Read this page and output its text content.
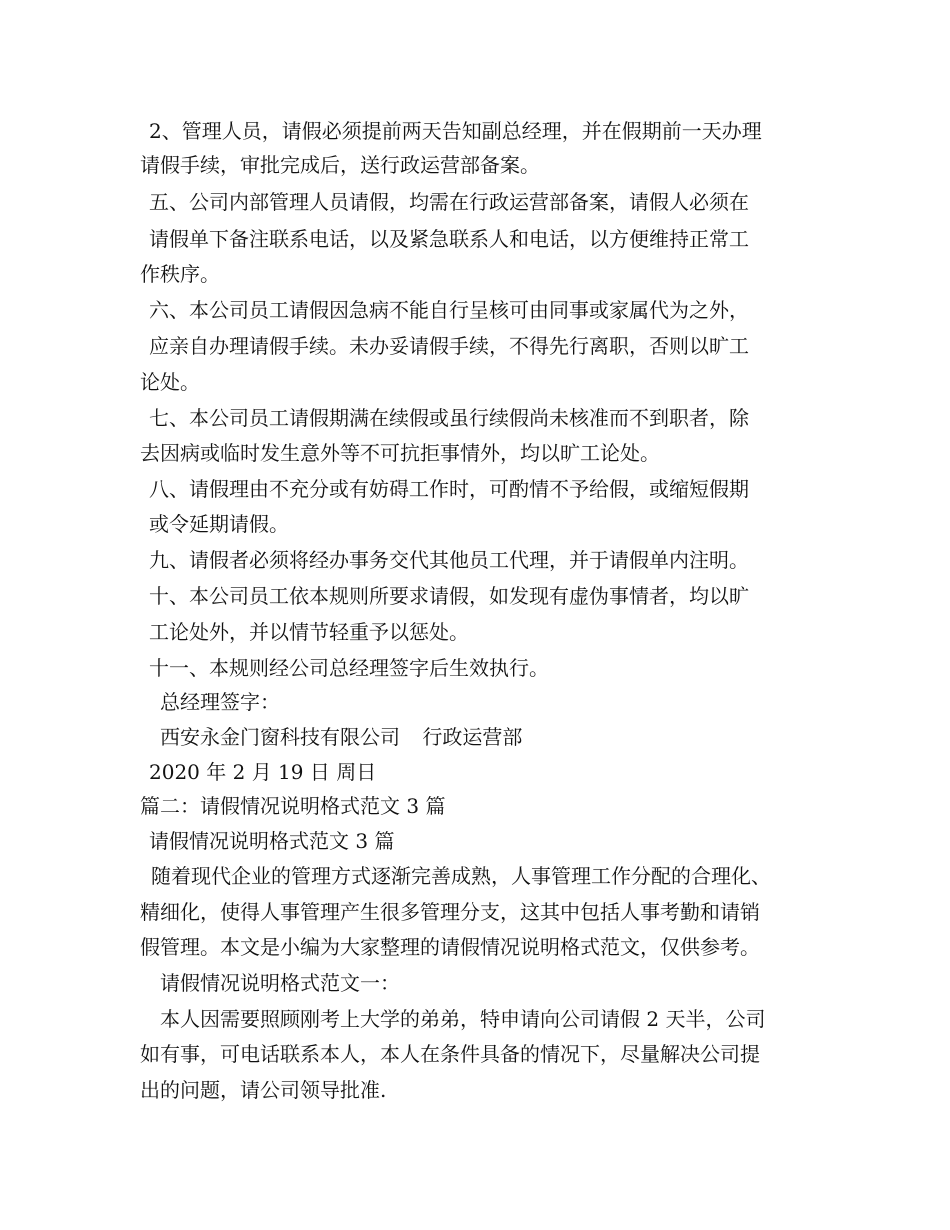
2、管理人员，请假必须提前两天告知副总经理，并在假期前一天办理
请假手续，审批完成后，送行政运营部备案。
五、公司内部管理人员请假，均需在行政运营部备案，请假人必须在
请假单下备注联系电话，以及紧急联系人和电话，以方便维持正常工
作秩序。
六、本公司员工请假因急病不能自行呈核可由同事或家属代为之外，
应亲自办理请假手续。未办妥请假手续，不得先行离职，否则以旷工
论处。
七、本公司员工请假期满在续假或虽行续假尚未核准而不到职者，除
去因病或临时发生意外等不可抗拒事情外，均以旷工论处。
八、请假理由不充分或有妨碍工作时，可酌情不予给假，或缩短假期
或令延期请假。
九、请假者必须将经办事务交代其他员工代理，并于请假单内注明。
十、本公司员工依本规则所要求请假，如发现有虚伪事情者，均以旷
工论处外，并以情节轻重予以惩处。
十一、本规则经公司总经理签字后生效执行。
总经理签字：
西安永金门窗科技有限公司 行政运营部
2020 年 2 月 19 日 周日
篇二：请假情况说明格式范文 3 篇
请假情况说明格式范文 3 篇
随着现代企业的管理方式逐渐完善成熟，人事管理工作分配的合理化、
精细化，使得人事管理产生很多管理分支，这其中包括人事考勤和请销
假管理。本文是小编为大家整理的请假情况说明格式范文，仅供参考。
请假情况说明格式范文一：
本人因需要照顾刚考上大学的弟弟，特申请向公司请假 2 天半，公司
如有事，可电话联系本人，本人在条件具备的情况下，尽量解决公司提
出的问题，请公司领导批准.
